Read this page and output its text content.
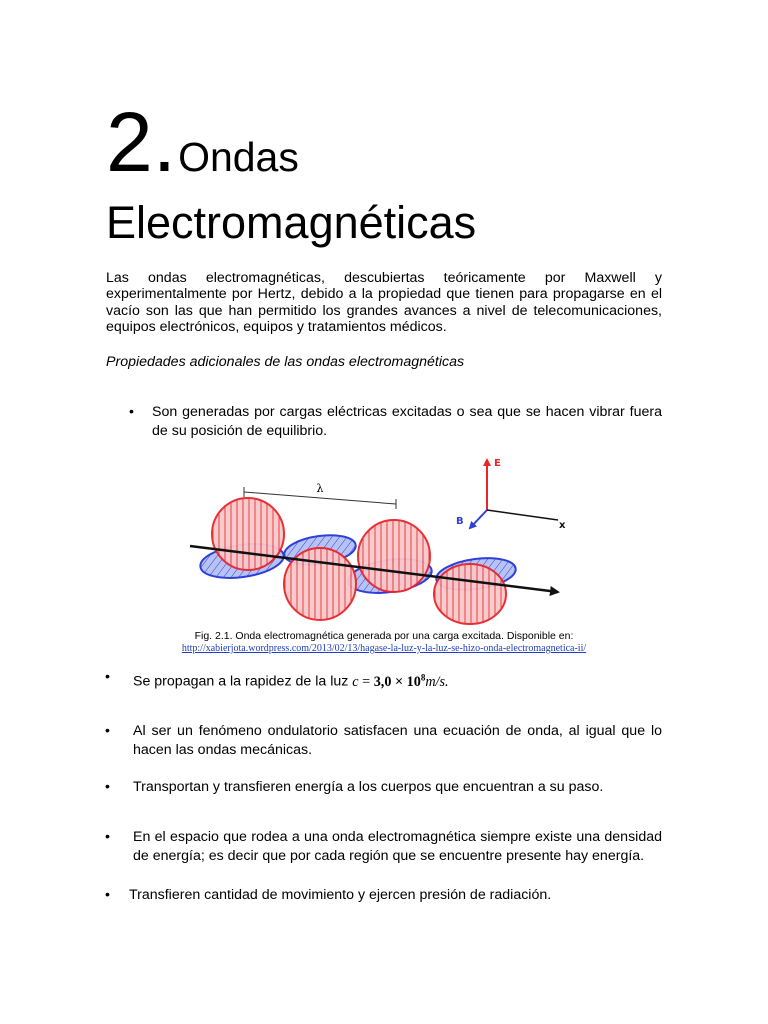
2.Ondas
Electromagnéticas
Las ondas electromagnéticas, descubiertas teóricamente por Maxwell y experimentalmente por Hertz, debido a la propiedad que tienen para propagarse en el vacío son las que han permitido los grandes avances a nivel de telecomunicaciones, equipos electrónicos, equipos y tratamientos médicos.
Propiedades adicionales de las ondas electromagnéticas
• Son generadas por cargas eléctricas excitadas o sea que se hacen vibrar fuera de su posición de equilibrio.
λ
E
B	x
Fig. 2.1. Onda electromagnética generada por una carga excitada. Disponible en:
http://xabierjota.wordpress.com/2013/02/13/hagase-la-luz-y-la-luz-se-hizo-onda-electromagnetica-ii/
• Se propagan a la rapidez de la luz $c = 3,0 \times 10^8m/s$.
• Al ser un fenómeno ondulatorio satisfacen una ecuación de onda, al igual que lo hacen las ondas mecánicas.
• Transportan y transfieren energía a los cuerpos que encuentran a su paso.
• En el espacio que rodea a una onda electromagnética siempre existe una densidad de energía; es decir que por cada región que se encuentre presente hay energía.
• Transfieren cantidad de movimiento y ejercen presión de radiación.
